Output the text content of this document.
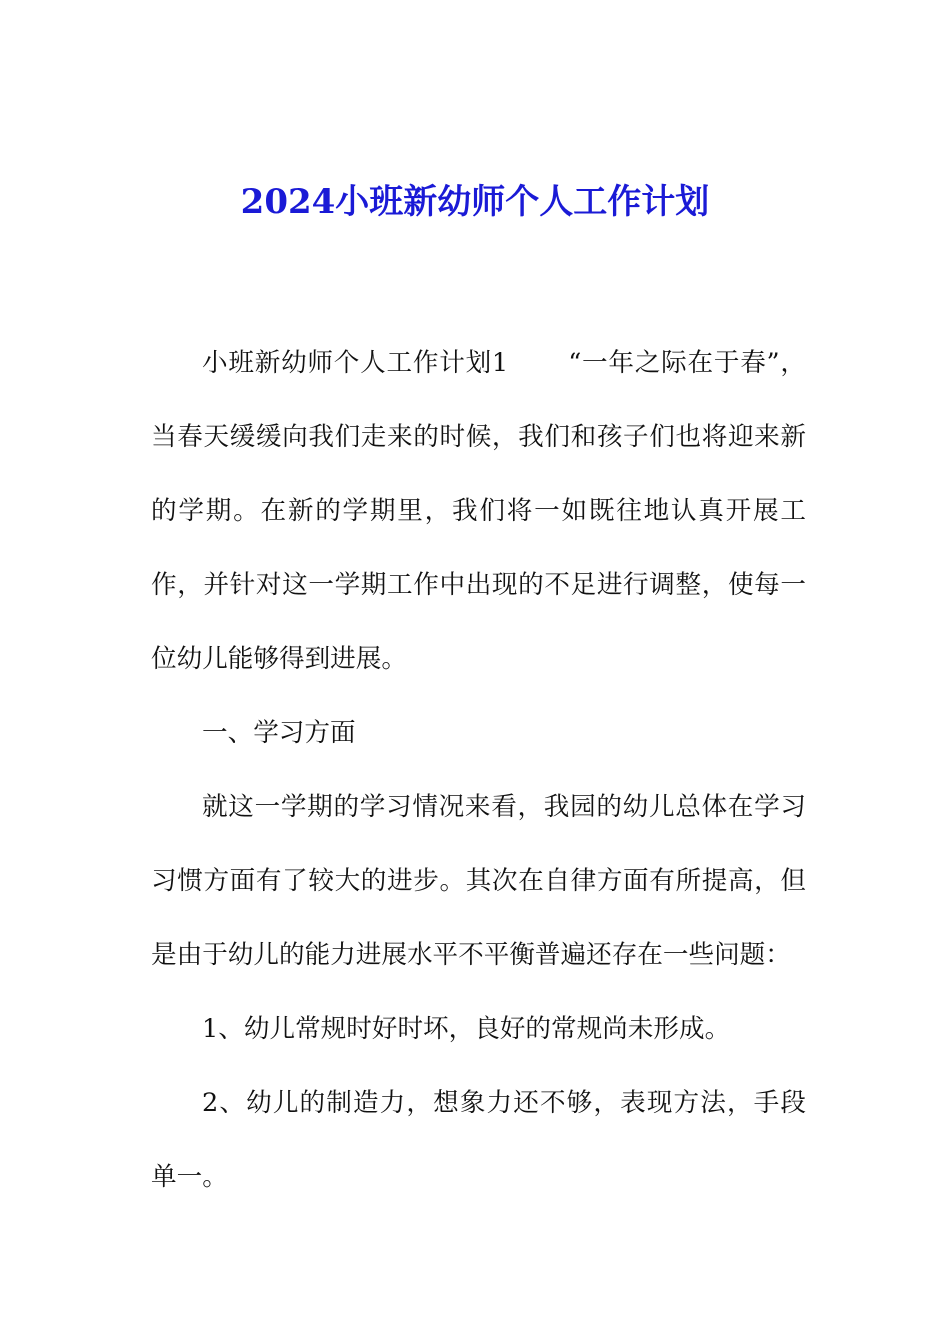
2024小班新幼师个人工作计划

小班新幼师个人工作计划1 “一年之际在于春”，当春天缓缓向我们走来的时候，我们和孩子们也将迎来新的学期。在新的学期里，我们将一如既往地认真开展工作，并针对这一学期工作中出现的不足进行调整，使每一位幼儿能够得到进展。

一、学习方面

就这一学期的学习情况来看，我园的幼儿总体在学习习惯方面有了较大的进步。其次在自律方面有所提高，但是由于幼儿的能力进展水平不平衡普遍还存在一些问题：

1、幼儿常规时好时坏，良好的常规尚未形成。

2、幼儿的制造力，想象力还不够，表现方法，手段单一。
